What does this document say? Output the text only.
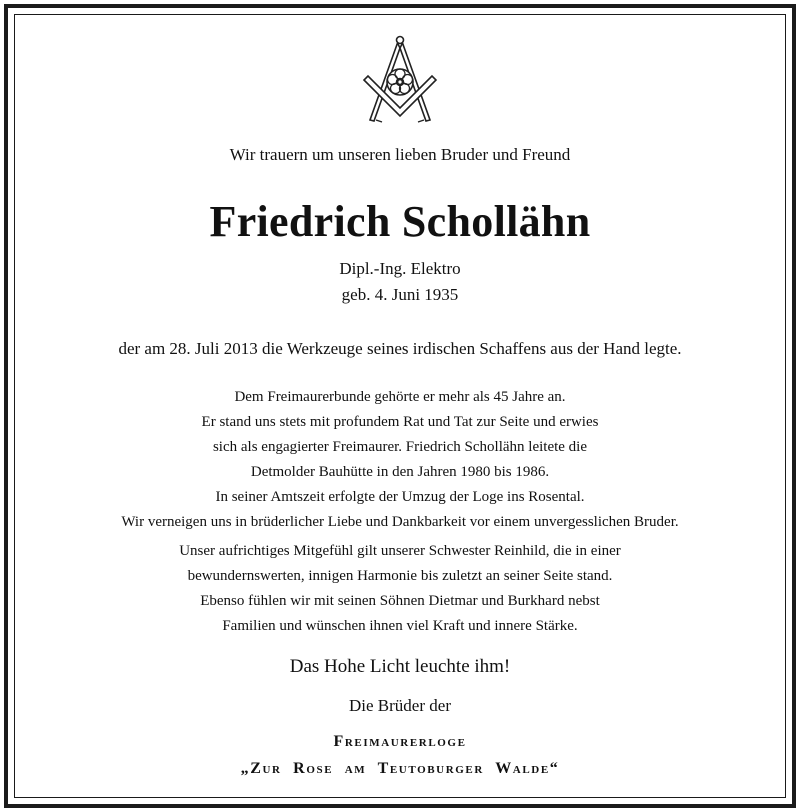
Wir trauern um unseren lieben Bruder und Freund
Friedrich Schollähn
Dipl.-Ing. Elektro
geb. 4. Juni 1935
der am 28. Juli 2013 die Werkzeuge seines irdischen Schaffens aus der Hand legte.
Dem Freimaurerbunde gehörte er mehr als 45 Jahre an.
Er stand uns stets mit profundem Rat und Tat zur Seite und erwies
sich als engagierter Freimaurer. Friedrich Schollähn leitete die
Detmolder Bauhütte in den Jahren 1980 bis 1986.
In seiner Amtszeit erfolgte der Umzug der Loge ins Rosental.
Wir verneigen uns in brüderlicher Liebe und Dankbarkeit vor einem unvergesslichen Bruder.
Unser aufrichtiges Mitgefühl gilt unserer Schwester Reinhild, die in einer
bewundernswerten, innigen Harmonie bis zuletzt an seiner Seite stand.
Ebenso fühlen wir mit seinen Söhnen Dietmar und Burkhard nebst
Familien und wünschen ihnen viel Kraft und innere Stärke.
Das Hohe Licht leuchte ihm!
Die Brüder der
Freimaurerloge
„Zur Rose am Teutoburger Walde“
